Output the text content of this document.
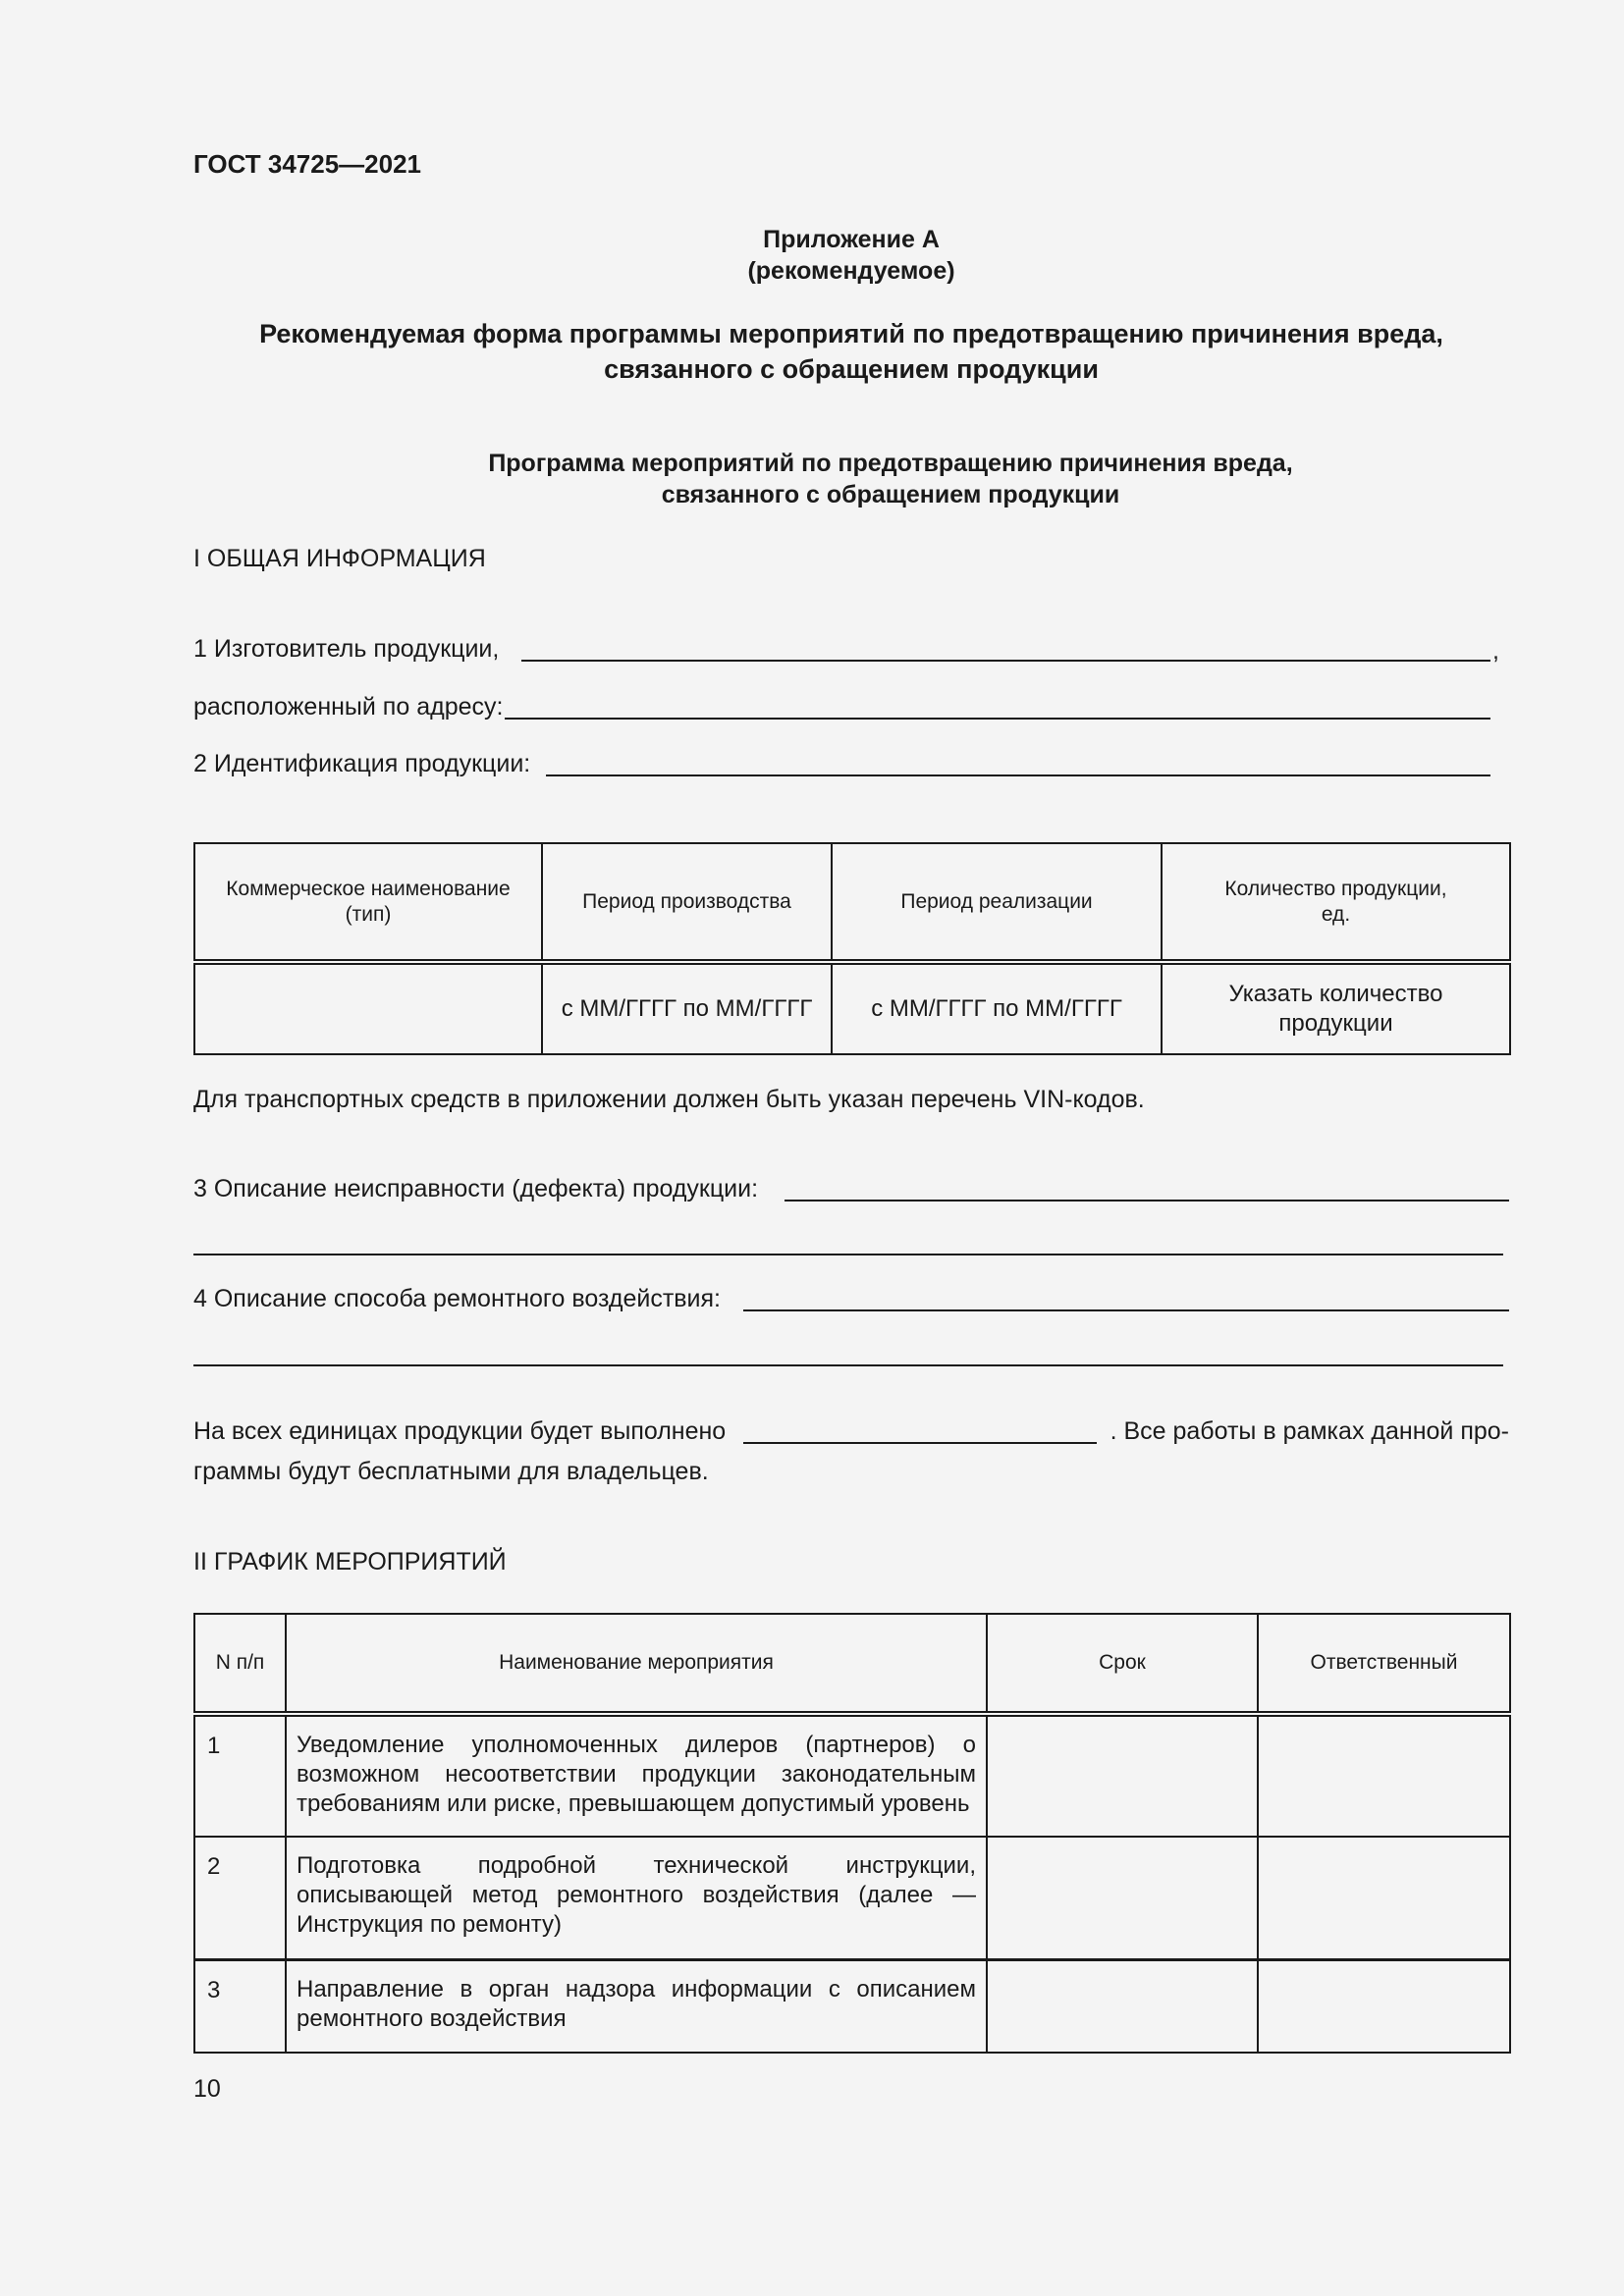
ГОСТ 34725—2021
Приложение А
(рекомендуемое)
Рекомендуемая форма программы мероприятий по предотвращению причинения вреда,
связанного с обращением продукции
Программа мероприятий по предотвращению причинения вреда,
связанного с обращением продукции
I ОБЩАЯ ИНФОРМАЦИЯ
1 Изготовитель продукции,	,
расположенный по адресу:
2 Идентификация продукции:
Коммерческое наименование (тип)	Период производства	Период реализации	Количество продукции, ед.

	с ММ/ГГГГ по ММ/ГГГГ	с ММ/ГГГГ по ММ/ГГГГ	Указать количество продукции
Для транспортных средств в приложении должен быть указан перечень VIN-кодов.
3 Описание неисправности (дефекта) продукции:
4 Описание способа ремонтного воздействия:
На всех единицах продукции будет выполнено	. Все работы в рамках данной про-
граммы будут бесплатными для владельцев.
II ГРАФИК МЕРОПРИЯТИЙ
N п/п	Наименование мероприятия	Срок	Ответственный
1	Уведомление уполномоченных дилеров (партнеров) о возможном несоответствии продукции законодательным требованиям или риске, превышающем допустимый уровень		
2	Подготовка подробной технической инструкции, описывающей метод ремонтного воздействия (далее — Инструкция по ремонту)		
3	Направление в орган надзора информации с описанием ремонтного воздействия		
10
